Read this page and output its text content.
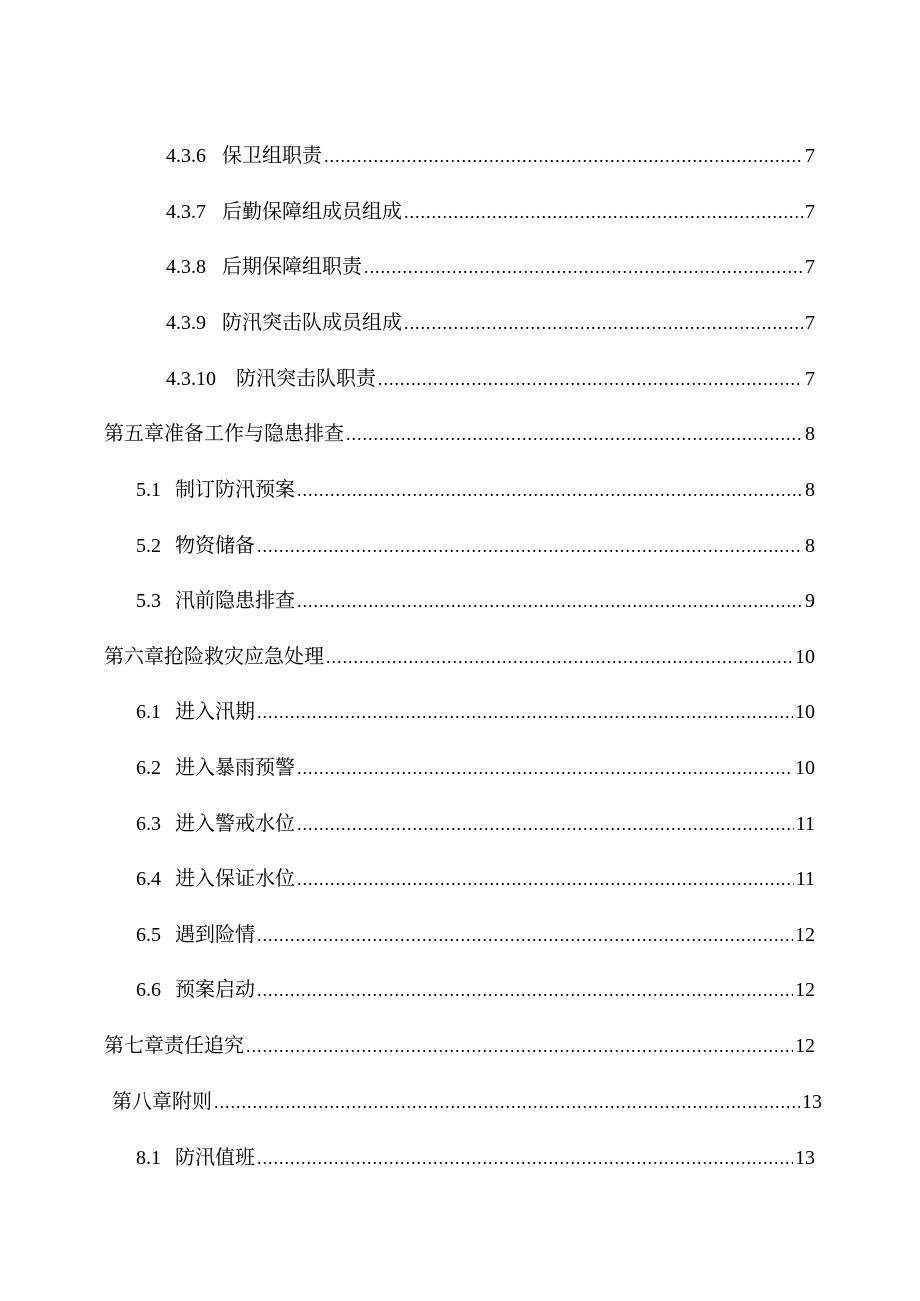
4.3.6 保卫组职责 .....	7
4.3.7 后勤保障组成员组成 .....	7
4.3.8 后期保障组职责 .....	7
4.3.9 防汛突击队成员组成 .....	7
4.3.10 防汛突击队职责 .....	7
第五章准备工作与隐患排查 .....	8
5.1 制订防汛预案 .....	8
5.2 物资储备 .....	8
5.3 汛前隐患排查 .....	9
第六章抢险救灾应急处理 .....	10
6.1 进入汛期 .....	10
6.2 进入暴雨预警 .....	10
6.3 进入警戒水位 .....	11
6.4 进入保证水位 .....	11
6.5 遇到险情 .....	12
6.6 预案启动 .....	12
第七章责任追究 .....	12
第八章附则 .....	13
8.1 防汛值班 .....	13
